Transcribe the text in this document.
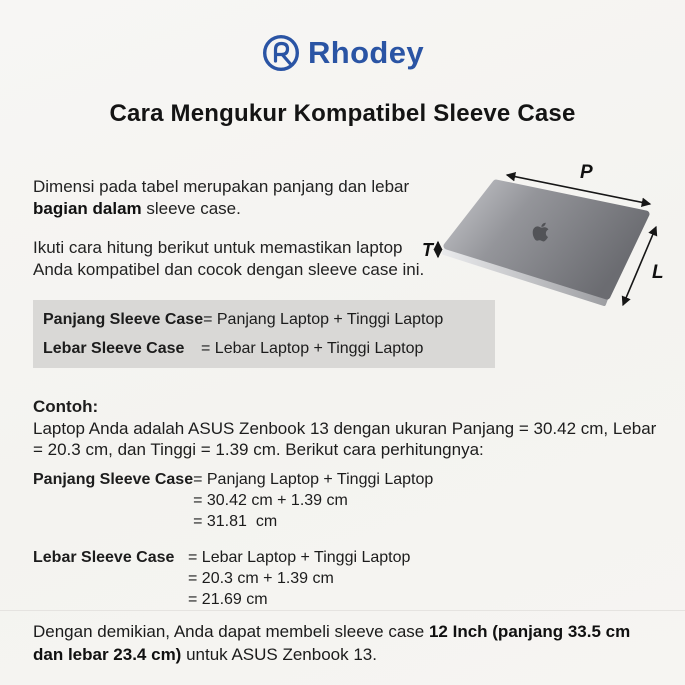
Rhodey
Cara Mengukur Kompatibel Sleeve Case

Dimensi pada tabel merupakan panjang dan lebar bagian dalam sleeve case.

Ikuti cara hitung berikut untuk memastikan laptop Anda kompatibel dan cocok dengan sleeve case ini.

P
L
T
Panjang Sleeve Case = Panjang Laptop + Tinggi Laptop
Lebar Sleeve Case	= Lebar Laptop + Tinggi Laptop

Contoh:

Laptop Anda adalah ASUS Zenbook 13 dengan ukuran Panjang = 30.42 cm, Lebar = 20.3 cm, dan Tinggi = 1.39 cm. Berikut cara perhitungnya:

Panjang Sleeve Case = Panjang Laptop + Tinggi Laptop
= 30.42 cm + 1.39 cm
= 31.81  cm
Lebar Sleeve Case = Lebar Laptop + Tinggi Laptop
= 20.3 cm + 1.39 cm
= 21.69 cm

Dengan demikian, Anda dapat membeli sleeve case 12 Inch (panjang 33.5 cm dan lebar 23.4 cm) untuk ASUS Zenbook 13.
